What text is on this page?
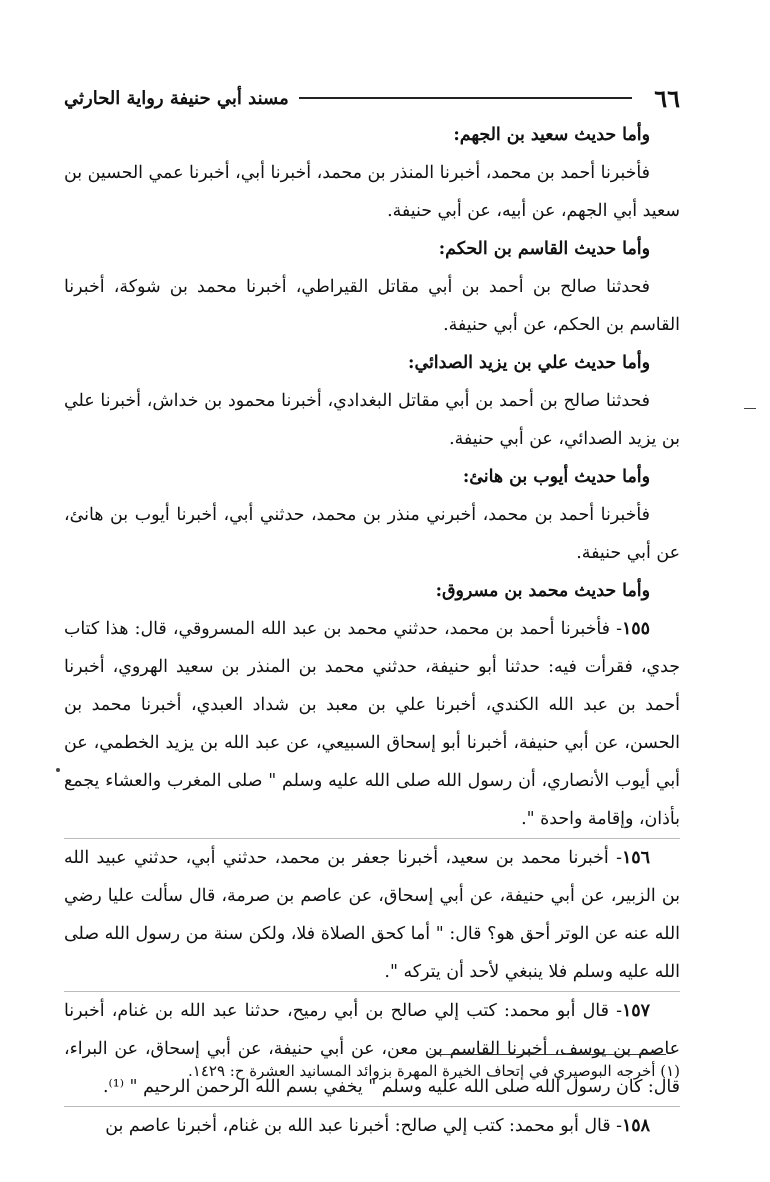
٦٦
مسند أبي حنيفة رواية الحارثي

وأما حديث سعيد بن الجهم:

فأخبرنا أحمد بن محمد، أخبرنا المنذر بن محمد، أخبرنا أبي، أخبرنا عمي الحسين بن سعيد أبي الجهم، عن أبيه، عن أبي حنيفة.

وأما حديث القاسم بن الحكم:

فحدثنا صالح بن أحمد بن أبي مقاتل القيراطي، أخبرنا محمد بن شوكة، أخبرنا القاسم بن الحكم، عن أبي حنيفة.

وأما حديث علي بن يزيد الصدائي:

فحدثنا صالح بن أحمد بن أبي مقاتل البغدادي، أخبرنا محمود بن خداش، أخبرنا علي بن يزيد الصدائي، عن أبي حنيفة.

وأما حديث أيوب بن هانئ:

فأخبرنا أحمد بن محمد، أخبرني منذر بن محمد، حدثني أبي، أخبرنا أيوب بن هانئ، عن أبي حنيفة.

وأما حديث محمد بن مسروق:

١٥٥- فأخبرنا أحمد بن محمد، حدثني محمد بن عبد الله المسروقي، قال: هذا كتاب جدي، فقرأت فيه: حدثنا أبو حنيفة، حدثني محمد بن المنذر بن سعيد الهروي، أخبرنا أحمد بن عبد الله الكندي، أخبرنا علي بن معبد بن شداد العبدي، أخبرنا محمد بن الحسن، عن أبي حنيفة، أخبرنا أبو إسحاق السبيعي، عن عبد الله بن يزيد الخطمي، عن أبي أيوب الأنصاري، أن رسول الله صلى الله عليه وسلم " صلى المغرب والعشاء يجمع بأذان، وإقامة واحدة ".

١٥٦- أخبرنا محمد بن سعيد، أخبرنا جعفر بن محمد، حدثني أبي، حدثني عبيد الله بن الزبير، عن أبي حنيفة، عن أبي إسحاق، عن عاصم بن صرمة، قال سألت عليا رضي الله عنه عن الوتر أحق هو؟ قال: " أما كحق الصلاة فلا، ولكن سنة من رسول الله صلى الله عليه وسلم فلا ينبغي لأحد أن يتركه ".

١٥٧- قال أبو محمد: كتب إلي صالح بن أبي رميح، حدثنا عبد الله بن غنام، أخبرنا عاصم بن يوسف، أخبرنا القاسم بن معن، عن أبي حنيفة، عن أبي إسحاق، عن البراء، قال: كان رسول الله صلى الله عليه وسلم " يخفي بسم الله الرحمن الرحيم " ⁽¹⁾.

١٥٨- قال أبو محمد: كتب إلي صالح: أخبرنا عبد الله بن غنام، أخبرنا عاصم بن

(١) أخرجه البوصيري في إتحاف الخيرة المهرة بزوائد المسانيد العشرة ح: ١٤٢٩.
